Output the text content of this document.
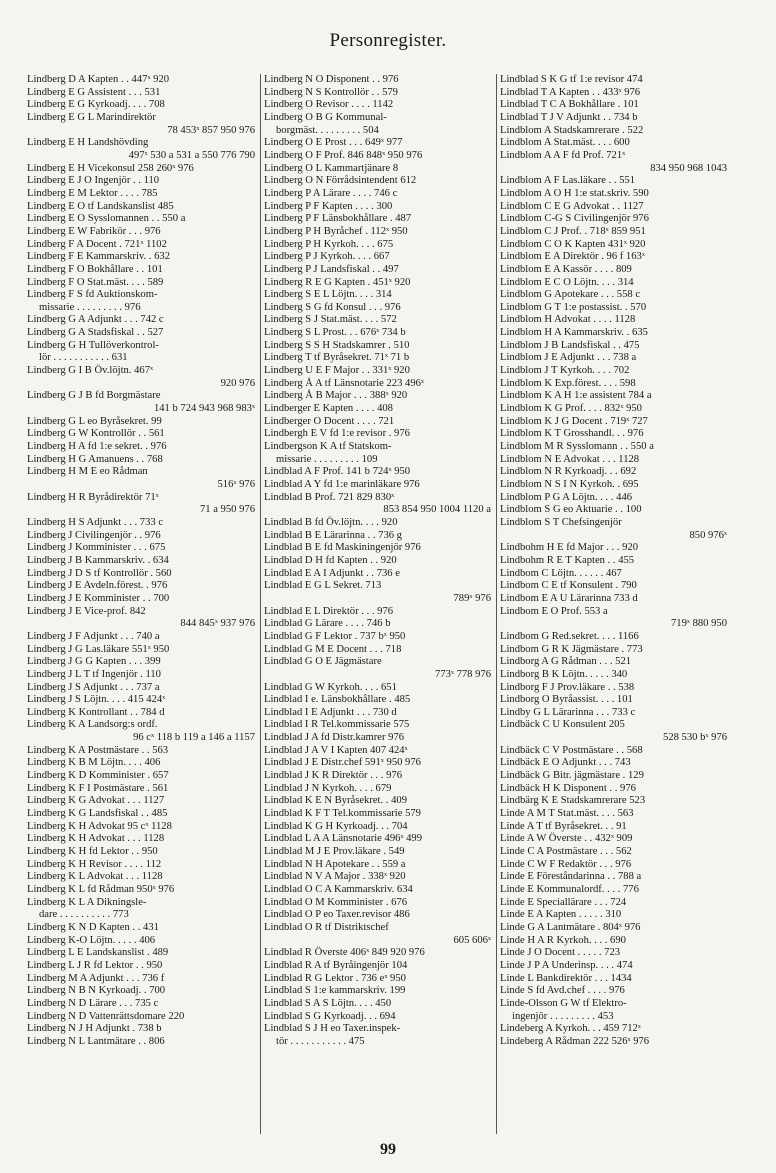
Personregister.
Lindberg D A Kapten . . 447ˣ 920
Lindberg E G Assistent . . . 531
Lindberg E G Kyrkoadj. . . . 708
Lindberg E G L Marindirektör
78 453ˣ 857 950 976
Lindberg E H Landshövding
497ˣ 530 a 531 a 550 776 790
Lindberg E H Vicekonsul 258 260ˣ 976
Lindberg E J O Ingenjör . . 110
Lindberg E M Lektor . . . . 785
Lindberg E O tf Landskanslist 485
Lindberg E O Sysslomannen . . 550 a
Lindberg E W Fabrikör . . . 976
Lindberg F A Docent . 721ˣ 1102
Lindberg F E Kammarskriv. . 632
Lindberg F O Bokhållare . . 101
Lindberg F O Stat.mäst. . . . 589
Lindberg F S fd Auktionskom-
missarie . . . . . . . . . 976
Lindberg G A Adjunkt . . . 742 c
Lindberg G A Stadsfiskal . . 527
Lindberg G H Tullöverkontrol-
lör . . . . . . . . . . . 631
Lindberg G I B Öv.löjtn. 467ˣ
920 976
Lindberg G J B fd Borgmästare
141 b 724 943 968 983ˣ
Lindberg G L eo Byråsekret. 99
Lindberg G W Kontrollör . . 561
Lindberg H A fd 1:e sekret. . 976
Lindberg H G Amanuens . . 768
Lindberg H M E eo Rådman
516ˣ 976
Lindberg H R Byrådirektör 71ˣ
71 a 950 976
Lindberg H S Adjunkt . . . 733 c
Lindberg J Civilingenjör . . 976
Lindberg J Komminister . . . 675
Lindberg J B Kammarskriv. . 634
Lindberg J D S tf Kontrollör . 560
Lindberg J E Avdeln.förest. . 976
Lindberg J E Komminister . . 700
Lindberg J E Vice-prof. 842
844 845ˣ 937 976
Lindberg J F Adjunkt . . . 740 a
Lindberg J G Las.läkare 551ˣ 950
Lindberg J G G Kapten . . . 399
Lindberg J L T tf Ingenjör . 110
Lindberg J S Adjunkt . . . 737 a
Lindberg J S Löjtn. . . . 415 424ˣ
Lindberg K Kontrollant . . 784 d
Lindberg K A Landsorg:s ordf.
96 cˣ 118 b 119 a 146 a 1157
Lindberg K A Postmästare . . 563
Lindberg K B M Löjtn. . . . 406
Lindberg K D Komminister . 657
Lindberg K F I Postmästare . 561
Lindberg K G Advokat . . . 1127
Lindberg K G Landsfiskal . . 485
Lindberg K H Advokat 95 cˣ 1128
Lindberg K H Advokat . . . 1128
Lindberg K H fd Lektor . . 950
Lindberg K H Revisor . . . . 112
Lindberg K L Advokat . . . 1128
Lindberg K L fd Rådman 950ˣ 976
Lindberg K L A Dikningsle-
dare . . . . . . . . . . 773
Lindberg K N D Kapten . . 431
Lindberg K-O Löjtn. . . . . 406
Lindberg L E Landskanslist . 489
Lindberg L J R fd Lektor . . 950
Lindberg M A Adjunkt . . . 736 f
Lindberg N B N Kyrkoadj. . 700
Lindberg N D Lärare . . . 735 c
Lindberg N D Vattenrättsdomare 220
Lindberg N J H Adjunkt . 738 b
Lindberg N L Lantmätare . . 806
Lindberg N O Disponent . . 976
Lindberg N S Kontrollör . . 579
Lindberg O Revisor . . . . 1142
Lindberg O B G Kommunal-
borgmäst. . . . . . . . . 504
Lindberg O E Prost . . . 649ˣ 977
Lindberg O F Prof. 846 848ˣ 950 976
Lindberg O L Kammartjänare 8
Lindberg O N Förrådsintendent 612
Lindberg P A Lärare . . . . 746 c
Lindberg P F Kapten . . . . 300
Lindberg P F Länsbokhållare . 487
Lindberg P H Byråchef . 112ˣ 950
Lindberg P H Kyrkoh. . . . 675
Lindberg P J Kyrkoh. . . . 667
Lindberg P J Landsfiskal . . 497
Lindberg R E G Kapten . 451ˣ 920
Lindberg S E L Löjtn. . . . 314
Lindberg S G fd Konsul . . . 976
Lindberg S J Stat.mäst. . . . 572
Lindberg S L Prost. . . 676ˣ 734 b
Lindberg S S H Stadskamrer . 510
Lindberg T tf Byråsekret. 71ˣ 71 b
Lindberg U E F Major . . 331ˣ 920
Lindberg Å A tf Länsnotarie 223 496ˣ
Lindberg Å B Major . . . 388ˣ 920
Lindberger E Kapten . . . . 408
Lindberger O Docent . . . . 721
Lindbergh E V fd 1:e revisor . 976
Lindbergson K A tf Statskom-
missarie . . . . . . . . . 109
Lindblad A F Prof. 141 b 724ˣ 950
Lindblad A Y fd 1:e marinläkare 976
Lindblad B Prof. 721 829 830ˣ
853 854 950 1004 1120 a
Lindblad B fd Öv.löjtn. . . . 920
Lindblad B E Lärarinna . . 736 g
Lindblad B E fd Maskiningenjör 976
Lindblad D H fd Kapten . . 920
Lindblad E A I Adjunkt . . 736 e
Lindblad E G L Sekret. 713
789ˣ 976
Lindblad E L Direktör . . . 976
Lindblad G Lärare . . . . 746 b
Lindblad G F Lektor . 737 bˣ 950
Lindblad G M E Docent . . . 718
Lindblad G O E Jägmästare
773ˣ 778 976
Lindblad G W Kyrkoh. . . . 651
Lindblad I e. Länsbokhållare . 485
Lindblad I E Adjunkt . . . 730 d
Lindblad I R Tel.kommissarie 575
Lindblad J A fd Distr.kamrer 976
Lindblad J A V I Kapten 407 424ˣ
Lindblad J E Distr.chef 591ˣ 950 976
Lindblad J K R Direktör . . . 976
Lindblad J N Kyrkoh. . . . 679
Lindblad K E N Byråsekret. . 409
Lindblad K F T Tel.kommissarie 579
Lindblad K G H Kyrkoadj. . . 704
Lindblad L A A Länsnotarie 496ˣ 499
Lindblad M J E Prov.läkare . 549
Lindblad N H Apotekare . . 559 a
Lindblad N V A Major . 338ˣ 920
Lindblad O C A Kammarskriv. 634
Lindblad O M Komminister . 676
Lindblad O P eo Taxer.revisor 486
Lindblad O R tf Distriktschef
605 606ˣ
Lindblad R Överste 406ˣ 849 920 976
Lindblad R A tf Byråingenjör 104
Lindblad R G Lektor . 736 eˣ 950
Lindblad S 1:e kammarskriv. 199
Lindblad S A S Löjtn. . . . 450
Lindblad S G Kyrkoadj. . . 694
Lindblad S J H eo Taxer.inspek-
tör . . . . . . . . . . . 475
Lindblad S K G tf 1:e revisor 474
Lindblad T A Kapten . . 433ˣ 976
Lindblad T C A Bokhållare . 101
Lindblad T J V Adjunkt . . 734 b
Lindblom A Stadskamrerare . 522
Lindblom A Stat.mäst. . . . 600
Lindblom A A F fd Prof. 721ˣ
834 950 968 1043
Lindblom A F Las.läkare . . 551
Lindblom A O H 1:e stat.skriv. 590
Lindblom C E G Advokat . . 1127
Lindblom C-G S Civilingenjör 976
Lindblom C J Prof. . 718ˣ 859 951
Lindblom C O K Kapten 431ˣ 920
Lindblom E A Direktör . 96 f 163ˣ
Lindblom E A Kassör . . . . 809
Lindblom E C O Löjtn. . . . 314
Lindblom G Apotekare . . . 558 c
Lindblom G T 1:e postassist. . 570
Lindblom H Advokat . . . . 1128
Lindblom H A Kammarskriv. . 635
Lindblom J B Landsfiskal . . 475
Lindblom J E Adjunkt . . . 738 a
Lindblom J T Kyrkoh. . . . 702
Lindblom K Exp.förest. . . . 598
Lindblom K A H 1:e assistent 784 a
Lindblom K G Prof. . . . 832ˣ 950
Lindblom K J G Docent . 719ˣ 727
Lindblom K T Grosshandl. . . 976
Lindblom M R Sysslomann . . 550 a
Lindblom N E Advokat . . . 1128
Lindblom N R Kyrkoadj. . . 692
Lindblom N S I N Kyrkoh. . 695
Lindblom P G A Löjtn. . . . 446
Lindblom S G eo Aktuarie . . 100
Lindblom S T Chefsingenjör
850 976ˣ
Lindbohm H E fd Major . . . 920
Lindbohm R E T Kapten . . 455
Lindbom C Löjtn. . . . . . 467
Lindbom C E tf Konsulent . 790
Lindbom E A U Lärarinna 733 d
Lindbom E O Prof. 553 a
719ˣ 880 950
Lindbom G Red.sekret. . . . 1166
Lindbom G R K Jägmästare . 773
Lindborg A G Rådman . . . 521
Lindborg B K Löjtn. . . . . 340
Lindborg F J Prov.läkare . . 538
Lindborg O Byråassist. . . . 101
Lindby G L Lärarinna . . . 733 c
Lindbäck C U Konsulent 205
528 530 bˣ 976
Lindbäck C V Postmästare . . 568
Lindbäck E O Adjunkt . . . 743
Lindbäck G Bitr. jägmästare . 129
Lindbäck H K Disponent . . 976
Lindbärg K E Stadskamrerare 523
Linde A M T Stat.mäst. . . . 563
Linde A T tf Byråsekret. . . 91
Linde A W Överste . . 432ˣ 909
Linde C A Postmästare . . . 562
Linde C W F Redaktör . . . 976
Linde E Föreståndarinna . . 788 a
Linde E Kommunalordf. . . . 776
Linde E Speciallärare . . . 724
Linde E A Kapten . . . . . 310
Linde G A Lantmätare . 804ˣ 976
Linde H A R Kyrkoh. . . . 690
Linde J O Docent . . . . . 723
Linde J P A Underinsp. . . . 474
Linde L Bankdirektör . . . 1434
Linde S fd Avd.chef . . . . 976
Linde-Olsson G W tf Elektro-
ingenjör . . . . . . . . . 453
Lindeberg A Kyrkoh. . . 459 712ˣ
Lindeberg A Rådman 222 526ˣ 976
99
